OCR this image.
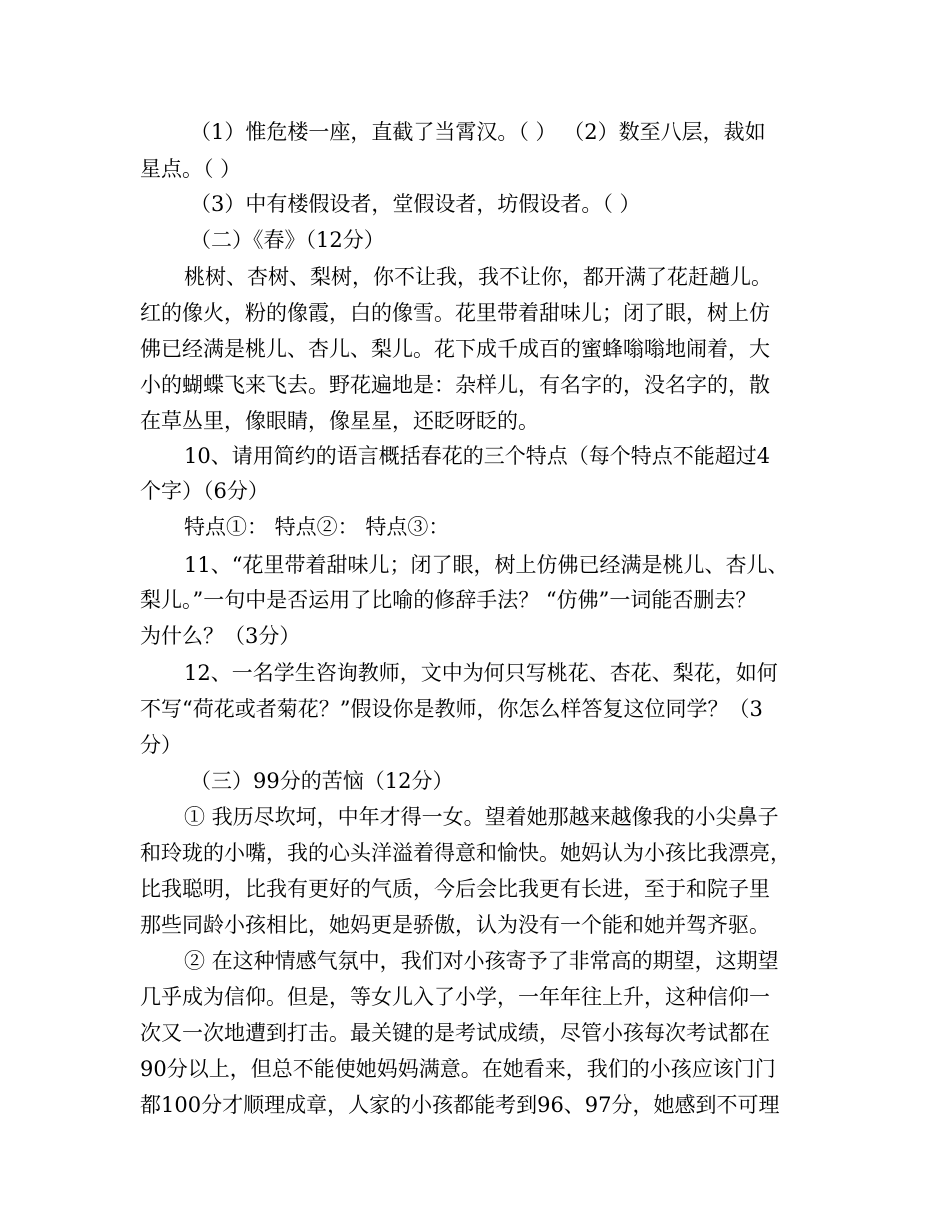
（1）惟危楼一座，直截了当霄汉。（ ） （2）数至八层，裁如
星点。（ ）
（3）中有楼假设者，堂假设者，坊假设者。（ ）
（二）《春》（12分）
桃树、杏树、梨树，你不让我，我不让你，都开满了花赶趟儿。
红的像火，粉的像霞，白的像雪。花里带着甜味儿；闭了眼，树上仿
佛已经满是桃儿、杏儿、梨儿。花下成千成百的蜜蜂嗡嗡地闹着，大
小的蝴蝶飞来飞去。野花遍地是：杂样儿，有名字的，没名字的，散
在草丛里，像眼睛，像星星，还眨呀眨的。
10、请用简约的语言概括春花的三个特点（每个特点不能超过4
个字）（6分）
特点①： 特点②： 特点③：
11、“花里带着甜味儿；闭了眼，树上仿佛已经满是桃儿、杏儿、
梨儿。”一句中是否运用了比喻的修辞手法？ “仿佛”一词能否删去？
为什么？（3分）
12、一名学生咨询教师，文中为何只写桃花、杏花、梨花，如何
不写“荷花或者菊花？”假设你是教师，你怎么样答复这位同学？（3
分）
（三）99分的苦恼（12分）
① 我历尽坎坷，中年才得一女。望着她那越来越像我的小尖鼻子
和玲珑的小嘴，我的心头洋溢着得意和愉快。她妈认为小孩比我漂亮，
比我聪明，比我有更好的气质，今后会比我更有长进，至于和院子里
那些同龄小孩相比，她妈更是骄傲，认为没有一个能和她并驾齐驱。
② 在这种情感气氛中，我们对小孩寄予了非常高的期望，这期望
几乎成为信仰。但是，等女儿入了小学，一年年往上升，这种信仰一
次又一次地遭到打击。最关键的是考试成绩，尽管小孩每次考试都在
90分以上，但总不能使她妈妈满意。在她看来，我们的小孩应该门门
都100分才顺理成章，人家的小孩都能考到96、97分，她感到不可理
